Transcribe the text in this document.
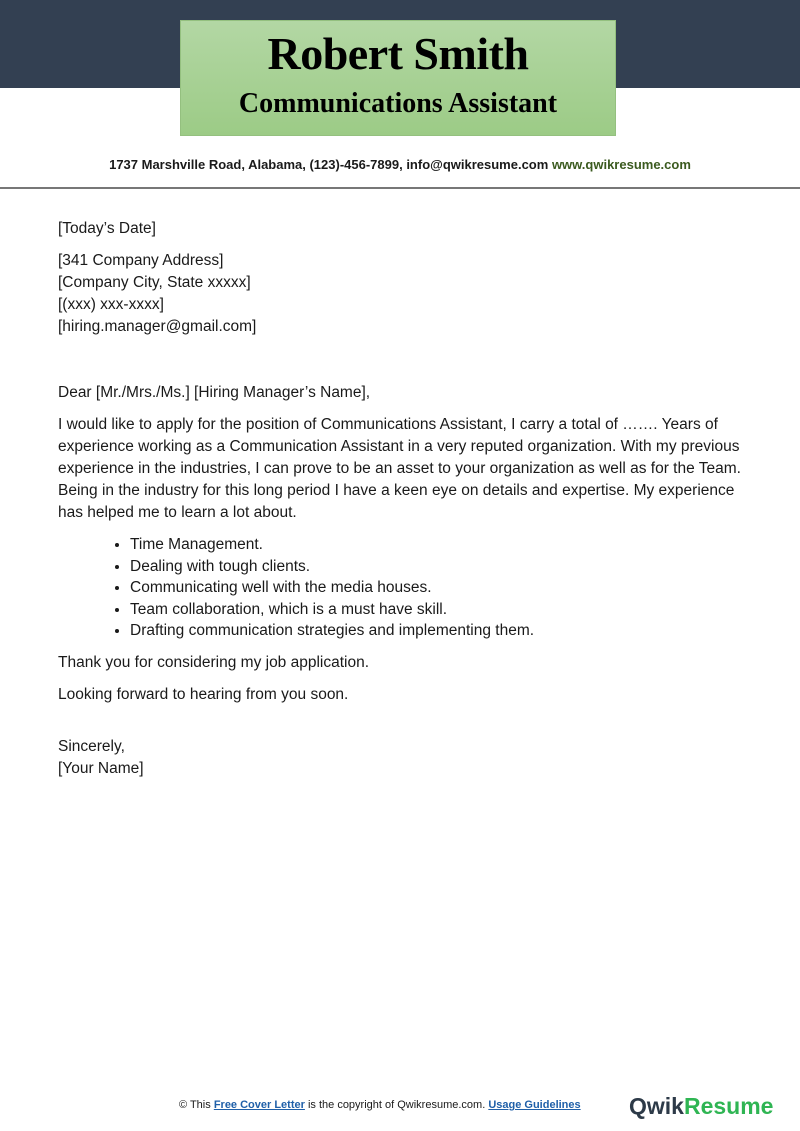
Robert Smith
Communications Assistant
1737 Marshville Road, Alabama, (123)-456-7899, info@qwikresume.com www.qwikresume.com
[Today’s Date]
[341 Company Address]
[Company City, State xxxxx]
[(xxx) xxx-xxxx]
[hiring.manager@gmail.com]
Dear [Mr./Mrs./Ms.] [Hiring Manager’s Name],
I would like to apply for the position of Communications Assistant, I carry a total of ……. Years of experience working as a Communication Assistant in a very reputed organization. With my previous experience in the industries, I can prove to be an asset to your organization as well as for the Team. Being in the industry for this long period I have a keen eye on details and expertise. My experience has helped me to learn a lot about.
• Time Management.
• Dealing with tough clients.
• Communicating well with the media houses.
• Team collaboration, which is a must have skill.
• Drafting communication strategies and implementing them.
Thank you for considering my job application.
Looking forward to hearing from you soon.
Sincerely,
[Your Name]
© This Free Cover Letter is the copyright of Qwikresume.com. Usage Guidelines QwikResume
